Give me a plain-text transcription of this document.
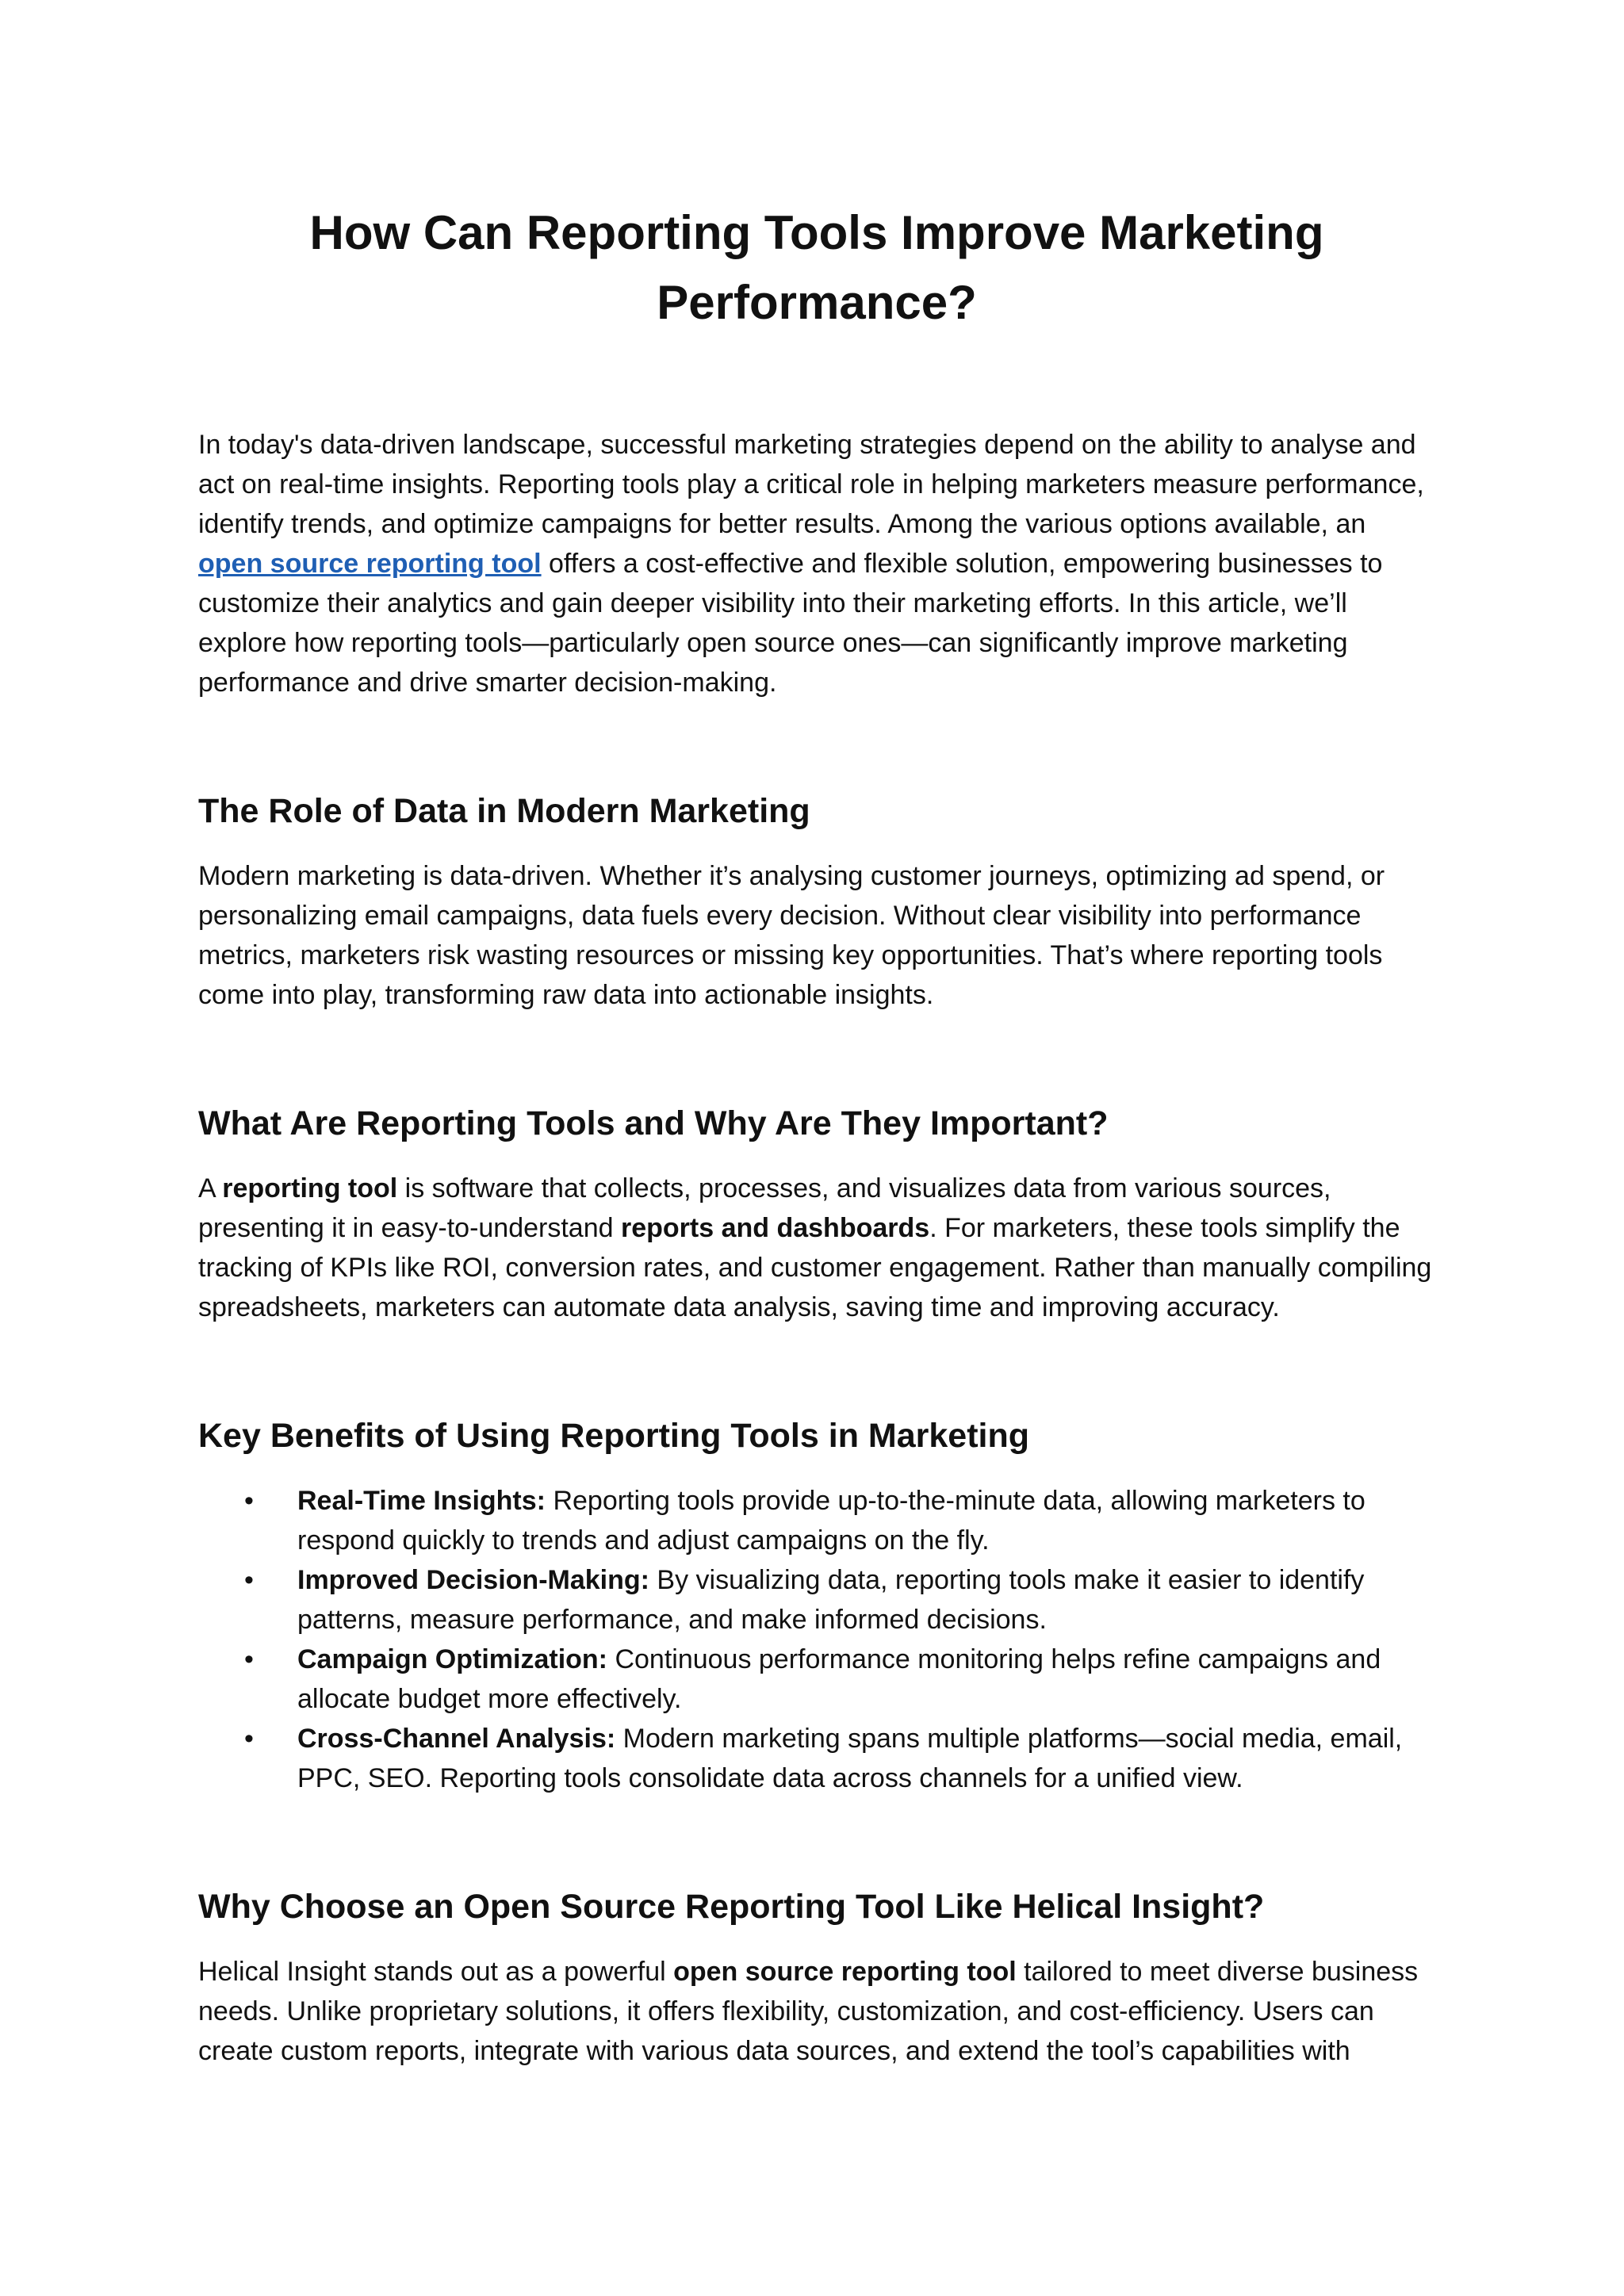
How Can Reporting Tools Improve Marketing Performance?

In today's data-driven landscape, successful marketing strategies depend on the ability to analyse and act on real-time insights. Reporting tools play a critical role in helping marketers measure performance, identify trends, and optimize campaigns for better results. Among the various options available, an open source reporting tool offers a cost-effective and flexible solution, empowering businesses to customize their analytics and gain deeper visibility into their marketing efforts. In this article, we’ll explore how reporting tools—particularly open source ones—can significantly improve marketing performance and drive smarter decision-making.

The Role of Data in Modern Marketing

Modern marketing is data-driven. Whether it’s analysing customer journeys, optimizing ad spend, or personalizing email campaigns, data fuels every decision. Without clear visibility into performance metrics, marketers risk wasting resources or missing key opportunities. That’s where reporting tools come into play, transforming raw data into actionable insights.

What Are Reporting Tools and Why Are They Important?

A reporting tool is software that collects, processes, and visualizes data from various sources, presenting it in easy-to-understand reports and dashboards. For marketers, these tools simplify the tracking of KPIs like ROI, conversion rates, and customer engagement. Rather than manually compiling spreadsheets, marketers can automate data analysis, saving time and improving accuracy.

Key Benefits of Using Reporting Tools in Marketing
• Real-Time Insights: Reporting tools provide up-to-the-minute data, allowing marketers to respond quickly to trends and adjust campaigns on the fly.
• Improved Decision-Making: By visualizing data, reporting tools make it easier to identify patterns, measure performance, and make informed decisions.
• Campaign Optimization: Continuous performance monitoring helps refine campaigns and allocate budget more effectively.
• Cross-Channel Analysis: Modern marketing spans multiple platforms—social media, email, PPC, SEO. Reporting tools consolidate data across channels for a unified view.
Why Choose an Open Source Reporting Tool Like Helical Insight?

Helical Insight stands out as a powerful open source reporting tool tailored to meet diverse business needs. Unlike proprietary solutions, it offers flexibility, customization, and cost-efficiency. Users can create custom reports, integrate with various data sources, and extend the tool’s capabilities with
